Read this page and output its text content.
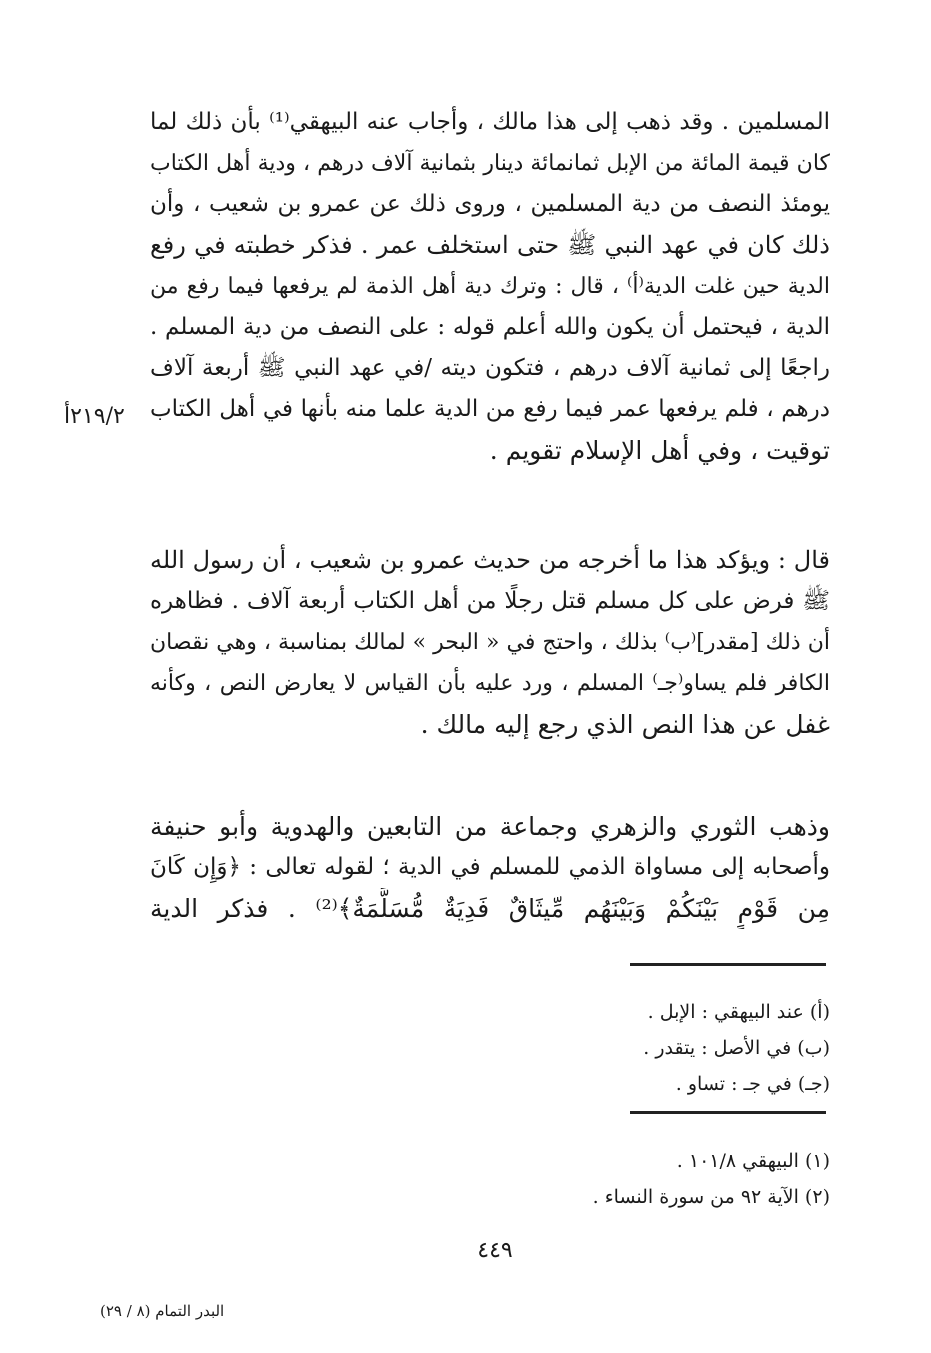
المسلمين . وقد ذهب إلى هذا مالك ، وأجاب عنه البيهقي⁽¹⁾ بأن ذلك لما
كان قيمة المائة من الإبل ثمانمائة دينار بثمانية آلاف درهم ، ودية أهل الكتاب
يومئذ النصف من دية المسلمين ، وروى ذلك عن عمرو بن شعيب ، وأن
ذلك كان في عهد النبي ﷺ حتى استخلف عمر . فذكر خطبته في رفع
الدية حين غلت الدية⁽أ⁾ ، قال : وترك دية أهل الذمة لم يرفعها فيما رفع من
الدية ، فيحتمل أن يكون والله أعلم قوله : على النصف من دية المسلم .
راجعًا إلى ثمانية آلاف درهم ، فتكون ديته /في عهد النبي ﷺ أربعة آلاف
درهم ، فلم يرفعها عمر فيما رفع من الدية علما منه بأنها في أهل الكتاب
توقيت ، وفي أهل الإسلام تقويم .
٢١٩/٢أ
قال : ويؤكد هذا ما أخرجه من حديث عمرو بن شعيب ، أن رسول الله
ﷺ فرض على كل مسلم قتل رجلًا من أهل الكتاب أربعة آلاف . فظاهره
أن ذلك [مقدر]⁽ب⁾ بذلك ، واحتج في « البحر » لمالك بمناسبة ، وهي نقصان
الكافر فلم يساو⁽جـ⁾ المسلم ، ورد عليه بأن القياس لا يعارض النص ، وكأنه
غفل عن هذا النص الذي رجع إليه مالك .
وذهب الثوري والزهري وجماعة من التابعين والهدوية وأبو حنيفة
وأصحابه إلى مساواة الذمي للمسلم في الدية ؛ لقوله تعالى : ﴿وَإِن كَانَ
مِن قَوْمٍ بَيْنَكُمْ وَبَيْنَهُم مِّيثَاقٌ فَدِيَةٌ مُّسَلَّمَةٌ﴾⁽²⁾ . فذكر الدية
(أ) عند البيهقي : الإبل .
(ب) في الأصل : يتقدر .
(جـ) في جـ : تساو .
(١) البيهقي ١٠١/٨ .
(٢) الآية ٩٢ من سورة النساء .
٤٤٩
البدر التمام (٨ / ٢٩)
